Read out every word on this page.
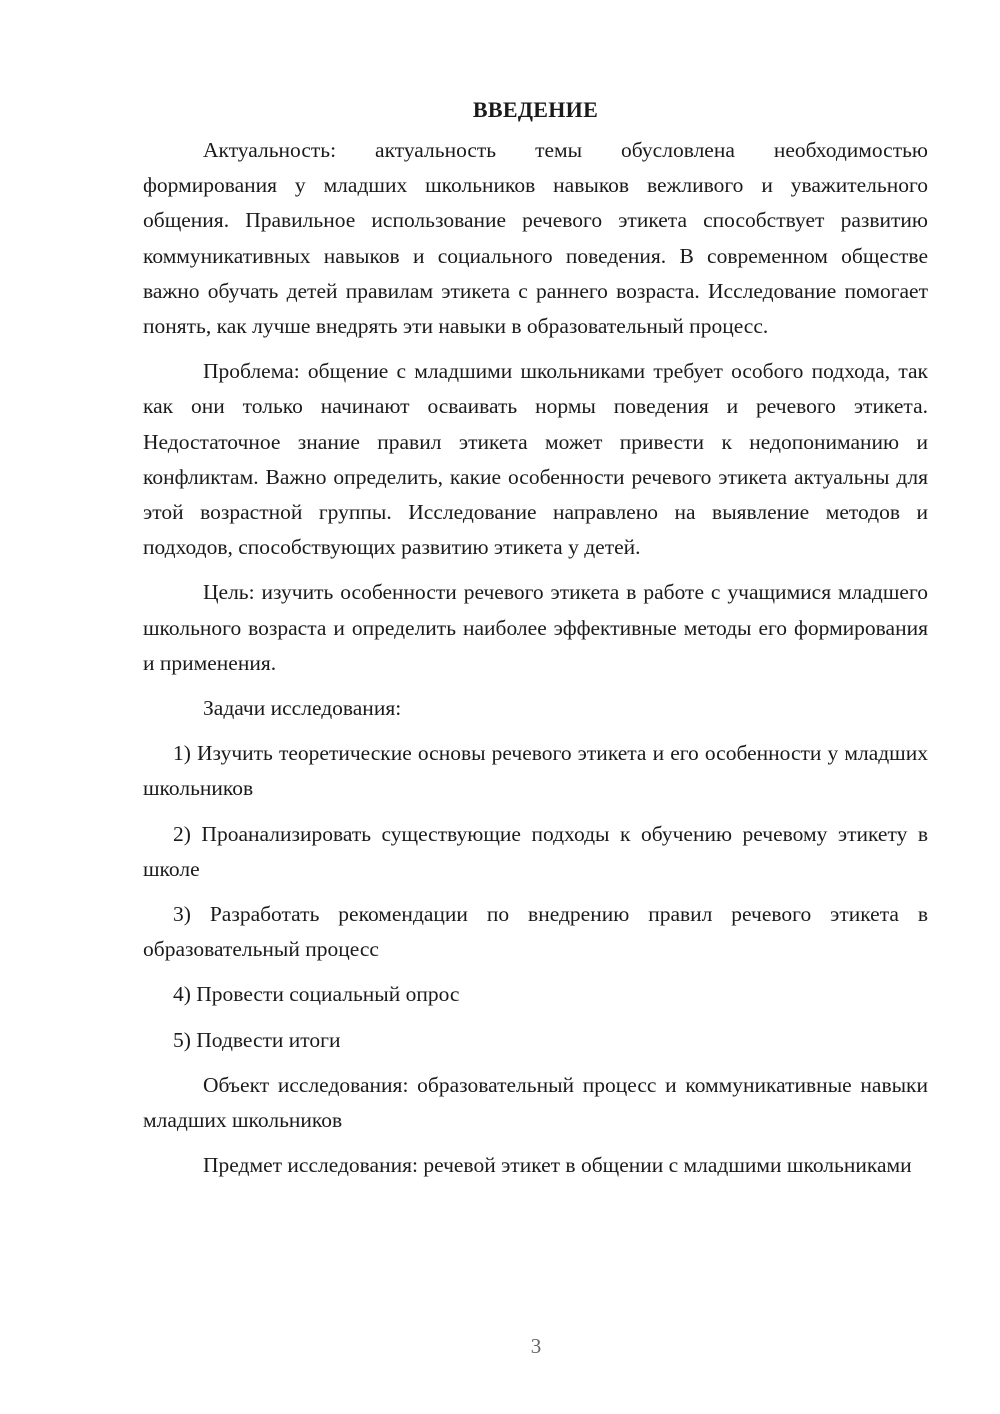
ВВЕДЕНИЕ

Актуальность: актуальность темы обусловлена необходимостью формирования у младших школьников навыков вежливого и уважительного общения. Правильное использование речевого этикета способствует развитию коммуникативных навыков и социального поведения. В современном обществе важно обучать детей правилам этикета с раннего возраста. Исследование помогает понять, как лучше внедрять эти навыки в образовательный процесс.

Проблема: общение с младшими школьниками требует особого подхода, так как они только начинают осваивать нормы поведения и речевого этикета. Недостаточное знание правил этикета может привести к недопониманию и конфликтам. Важно определить, какие особенности речевого этикета актуальны для этой возрастной группы. Исследование направлено на выявление методов и подходов, способствующих развитию этикета у детей.

Цель: изучить особенности речевого этикета в работе с учащимися младшего школьного возраста и определить наиболее эффективные методы его формирования и применения.

Задачи исследования:

1) Изучить теоретические основы речевого этикета и его особенности у младших школьников

2) Проанализировать существующие подходы к обучению речевому этикету в школе

3) Разработать рекомендации по внедрению правил речевого этикета в образовательный процесс

4) Провести социальный опрос

5) Подвести итоги

Объект исследования: образовательный процесс и коммуникативные навыки младших школьников

Предмет исследования: речевой этикет в общении с младшими школьниками

3
